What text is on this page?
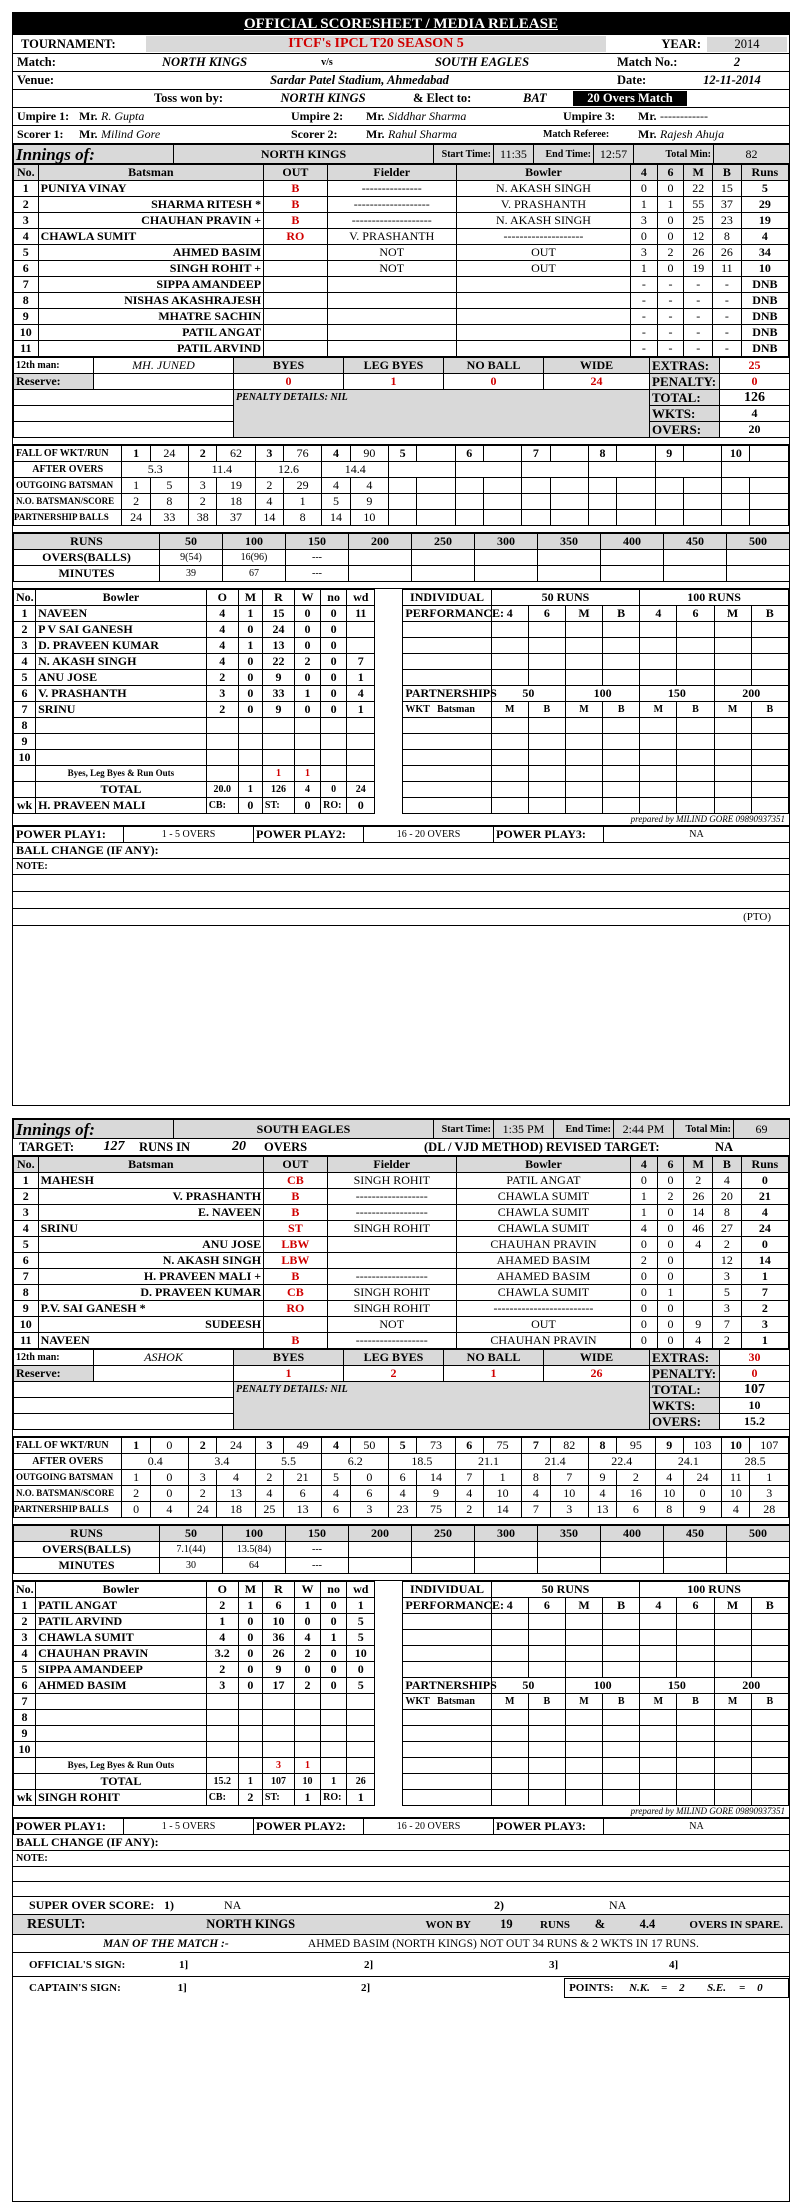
OFFICIAL SCORESHEET / MEDIA RELEASE
TOURNAMENT:	ITCF's IPCL T20 SEASON 5	YEAR:	2014
Match:	NORTH KINGS	v/s	SOUTH EAGLES	Match No.:	2
Venue:	Sardar Patel Stadium, Ahmedabad	Date:	12-11-2014
Toss won by:	NORTH KINGS	& Elect to:	BAT	20 Overs Match
Umpire 1: Mr. R. Gupta	Umpire 2:	Mr. Siddhar Sharma	Umpire 3:	Mr. ------------
Scorer 1:	Mr. Milind Gore	Scorer 2:	Mr. Rahul Sharma	Match Referee:	Mr. Rajesh Ahuja
Innings of:	NORTH KINGS	Start Time:	11:35	End Time:	12:57	Total Min:	82
No.	Batsman	OUT	Fielder	Bowler	4	6	M	B	Runs
1	PUNIYA VINAY	B	---------------	N. AKASH SINGH	0	0	22	15	5
2	SHARMA RITESH *	B	-------------------	V. PRASHANTH	1	1	55	37	29
3	CHAUHAN PRAVIN +	B	--------------------	N. AKASH SINGH	3	0	25	23	19
4	CHAWLA SUMIT	RO	V. PRASHANTH	--------------------	0	0	12	8	4
5	AHMED BASIM		NOT	OUT	3	2	26	26	34
6	SINGH ROHIT +		NOT	OUT	1	0	19	11	10
7	SIPPA AMANDEEP				-	-	-	-	DNB
8	NISHAS AKASHRAJESH				-	-	-	-	DNB
9	MHATRE SACHIN				-	-	-	-	DNB
10	PATIL ANGAT				-	-	-	-	DNB
11	PATIL ARVIND				-	-	-	-	DNB
12th man:	MH. JUNED	BYES	LEG BYES	NO BALL	WIDE	EXTRAS:	25
Reserve:		0	1	0	24	PENALTY:	0
		PENALTY DETAILS: NIL				TOTAL:	126
						WKTS:	4
						OVERS:	20
FALL OF WKT/RUN	1	24	2	62	3	76	4	90	5		6		7		8		9		10	
AFTER OVERS	5.3		11.4		12.6		14.4													
OUTGOING BATSMAN	1	5	3	19	2	29	4	4												
N.O. BATSMAN/SCORE	2	8	2	18	4	1	5	9												
PARTNERSHIP BALLS	24	33	38	37	14	8	14	10												
RUNS	50	100	150	200	250	300	350	400	450	500
OVERS(BALLS)	9(54)	16(96)	---							
MINUTES	39	67	---							
No.	Bowler	O	M	R	W	no	wd		INDIVIDUAL	50 RUNS				100 RUNS			
1	NAVEEN	4	1	15	0	0	11		PERFORMANCE:	4	6	M	B	4	6	M	B
2	P V SAI GANESH	4	0	24	0	0											
3	D. PRAVEEN KUMAR	4	1	13	0	0											
4	N. AKASH SINGH	4	0	22	2	0	7										
5	ANU JOSE	2	0	9	0	0	1										
6	V. PRASHANTH	3	0	33	1	0	4		PARTNERSHIPS	50		100		150		200	
7	SRINU	2	0	9	0	0	1		WKT Batsman	M	B	M	B	M	B	M	B
8																	
9																	
10																	
	Byes, Leg Byes & Run Outs			1	1												
	TOTAL	20.0	1	126	4	0	24										
wk	H. PRAVEEN MALI	CB:	0	ST:	0	RO:	0										
prepared by MILIND GORE 09890937351
POWER PLAY1:	1 - 5 OVERS	POWER PLAY2:	16 - 20 OVERS	POWER PLAY3:	NA
BALL CHANGE (IF ANY):
NOTE:
(PTO)
Innings of:	SOUTH EAGLES	Start Time:	1:35 PM	End Time:	2:44 PM	Total Min:	69
TARGET:	127	RUNS IN	20	OVERS	(DL / VJD METHOD) REVISED TARGET:	NA
No.	Batsman	OUT	Fielder	Bowler	4	6	M	B	Runs
1	MAHESH	CB	SINGH ROHIT	PATIL ANGAT	0	0	2	4	0
2	V. PRASHANTH	B	------------------	CHAWLA SUMIT	1	2	26	20	21
3	E. NAVEEN	B	------------------	CHAWLA SUMIT	1	0	14	8	4
4	SRINU	ST	SINGH ROHIT	CHAWLA SUMIT	4	0	46	27	24
5	ANU JOSE	LBW		CHAUHAN PRAVIN	0	0	4	2	0
6	N. AKASH SINGH	LBW		AHAMED BASIM	2	0		12	14
7	H. PRAVEEN MALI +	B	------------------	AHAMED BASIM	0	0		3	1
8	D. PRAVEEN KUMAR	CB	SINGH ROHIT	CHAWLA SUMIT	0	1		5	7
9	P.V. SAI GANESH *	RO	SINGH ROHIT	-------------------------	0	0		3	2
10	SUDEESH		NOT	OUT	0	0	9	7	3
11	NAVEEN	B	------------------	CHAUHAN PRAVIN	0	0	4	2	1
12th man:	ASHOK	BYES	LEG BYES	NO BALL	WIDE	EXTRAS:	30
Reserve:		1	2	1	26	PENALTY:	0
		PENALTY DETAILS: NIL				TOTAL:	107
						WKTS:	10
						OVERS:	15.2
FALL OF WKT/RUN	1	0	2	24	3	49	4	50	5	73	6	75	7	82	8	95	9	103	10	107
AFTER OVERS	0.4		3.4		5.5		6.2		18.5		21.1		21.4		22.4		24.1		28.5	
OUTGOING BATSMAN	1	0	3	4	2	21	5	0	6	14	7	1	8	7	9	2	4	24	11	1
N.O. BATSMAN/SCORE	2	0	2	13	4	6	4	6	4	9	4	10	4	10	4	16	10	0	10	3
PARTNERSHIP BALLS	0	4	24	18	25	13	6	3	23	75	2	14	7	3	13	6	8	9	4	28
RUNS	50	100	150	200	250	300	350	400	450	500
OVERS(BALLS)	7.1(44)	13.5(84)	---							
MINUTES	30	64	---							
No.	Bowler	O	M	R	W	no	wd		INDIVIDUAL	50 RUNS				100 RUNS			
1	PATIL ANGAT	2	1	6	1	0	1		PERFORMANCE:	4	6	M	B	4	6	M	B
2	PATIL ARVIND	1	0	10	0	0	5										
3	CHAWLA SUMIT	4	0	36	4	1	5										
4	CHAUHAN PRAVIN	3.2	0	26	2	0	10										
5	SIPPA AMANDEEP	2	0	9	0	0	0										
6	AHMED BASIM	3	0	17	2	0	5		PARTNERSHIPS	50		100		150		200	
7									WKT Batsman	M	B	M	B	M	B	M	B
8																	
9																	
10																	
	Byes, Leg Byes & Run Outs			3	1												
	TOTAL	15.2	1	107	10	1	26										
wk	SINGH ROHIT	CB:	2	ST:	1	RO:	1										
prepared by MILIND GORE 09890937351
POWER PLAY1:	1 - 5 OVERS	POWER PLAY2:	16 - 20 OVERS	POWER PLAY3:	NA
BALL CHANGE (IF ANY):
NOTE:
SUPER OVER SCORE: 1)	NA	2)	NA
RESULT:	NORTH KINGS	WON BY	19	RUNS	&	4.4	OVERS IN SPARE.
MAN OF THE MATCH :-	AHMED BASIM (NORTH KINGS) NOT OUT 34 RUNS & 2 WKTS IN 17 RUNS.
OFFICIAL'S SIGN:	1]	2]	3]	4]
CAPTAIN'S SIGN:	1]	2]	POINTS:	N.K.	=	2	S.E.	=	0
